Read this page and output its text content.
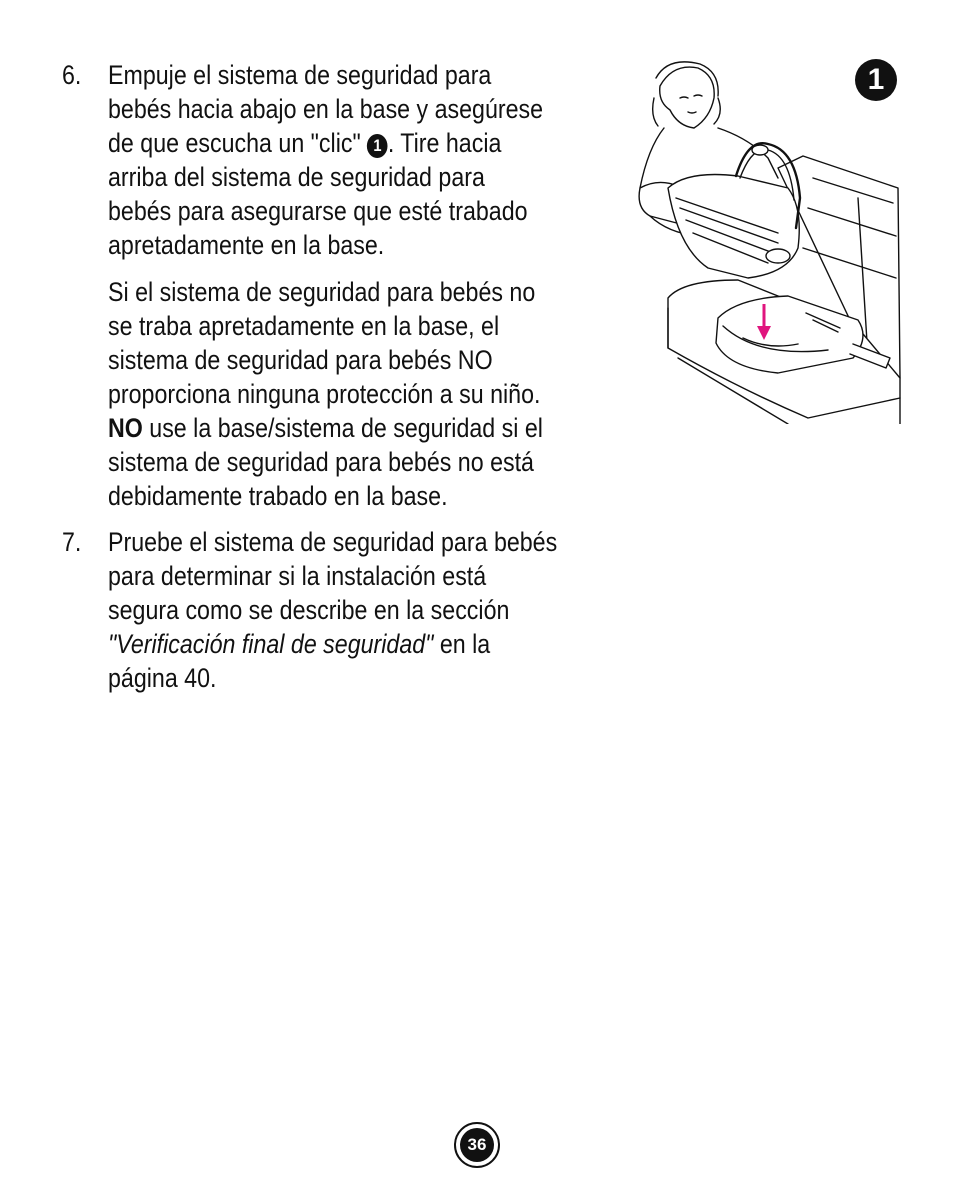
6. Empuje el sistema de seguridad para
bebés hacia abajo en la base y asegúrese
de que escucha un "clic" 1 . Tire hacia
arriba del sistema de seguridad para
bebés para asegurarse que esté trabado
apretadamente en la base.
Si el sistema de seguridad para bebés no
se traba apretadamente en la base, el
sistema de seguridad para bebés NO
proporciona ninguna protección a su niño.
NO use la base/sistema de seguridad si el
sistema de seguridad para bebés no está
debidamente trabado en la base.
7. Pruebe el sistema de seguridad para bebés
para determinar si la instalación está
segura como se describe en la sección
"Verificación final de seguridad" en la
página 40.
1
36
